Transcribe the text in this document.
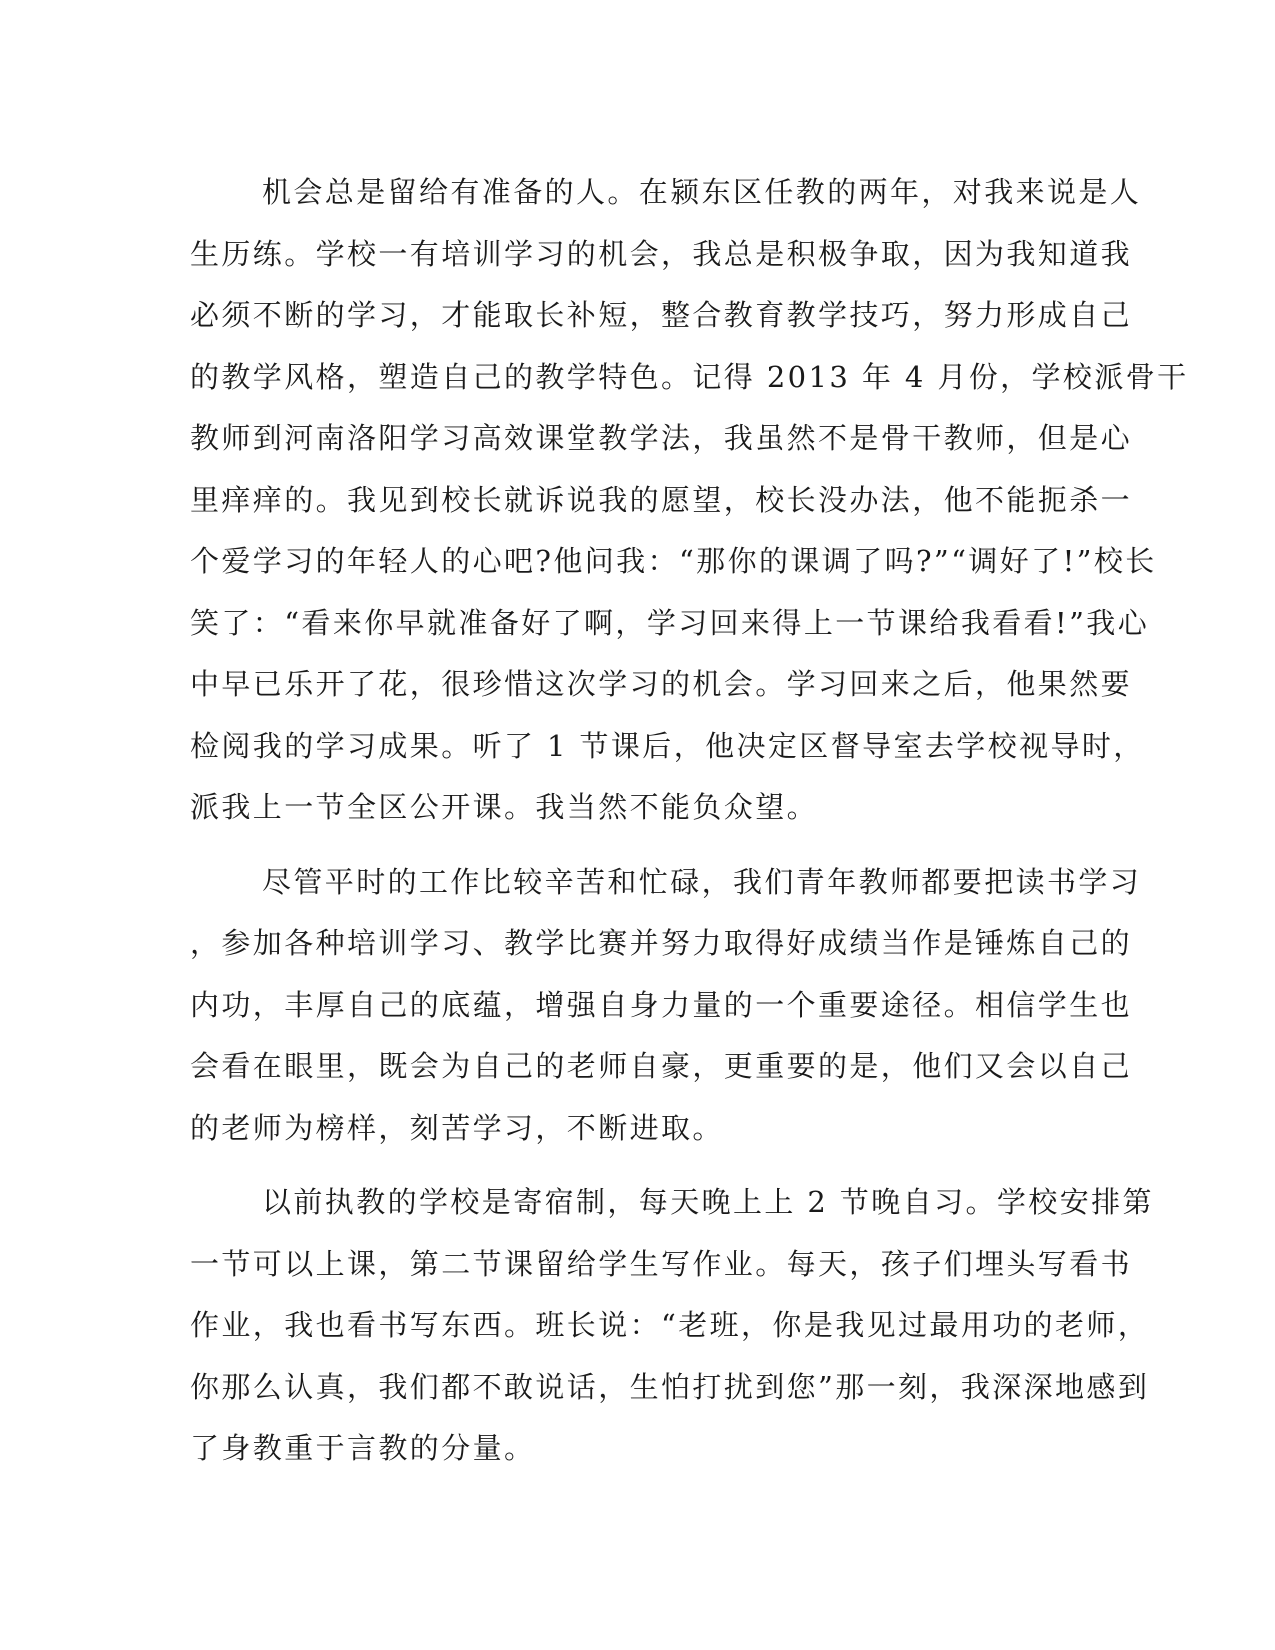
机会总是留给有准备的人。在颍东区任教的两年，对我来说是人
生历练。学校一有培训学习的机会，我总是积极争取，因为我知道我
必须不断的学习，才能取长补短，整合教育教学技巧，努力形成自己
的教学风格，塑造自己的教学特色。记得 2013 年 4 月份，学校派骨干
教师到河南洛阳学习高效课堂教学法，我虽然不是骨干教师，但是心
里痒痒的。我见到校长就诉说我的愿望，校长没办法，他不能扼杀一
个爱学习的年轻人的心吧?他问我：“那你的课调了吗?”“调好了!”校长
笑了：“看来你早就准备好了啊，学习回来得上一节课给我看看!”我心
中早已乐开了花，很珍惜这次学习的机会。学习回来之后，他果然要
检阅我的学习成果。听了 1 节课后，他决定区督导室去学校视导时，
派我上一节全区公开课。我当然不能负众望。
尽管平时的工作比较辛苦和忙碌，我们青年教师都要把读书学习
，参加各种培训学习、教学比赛并努力取得好成绩当作是锤炼自己的
内功，丰厚自己的底蕴，增强自身力量的一个重要途径。相信学生也
会看在眼里，既会为自己的老师自豪，更重要的是，他们又会以自己
的老师为榜样，刻苦学习，不断进取。
以前执教的学校是寄宿制，每天晚上上 2 节晚自习。学校安排第
一节可以上课，第二节课留给学生写作业。每天，孩子们埋头写看书
作业，我也看书写东西。班长说：“老班，你是我见过最用功的老师，
你那么认真，我们都不敢说话，生怕打扰到您”那一刻，我深深地感到
了身教重于言教的分量。
